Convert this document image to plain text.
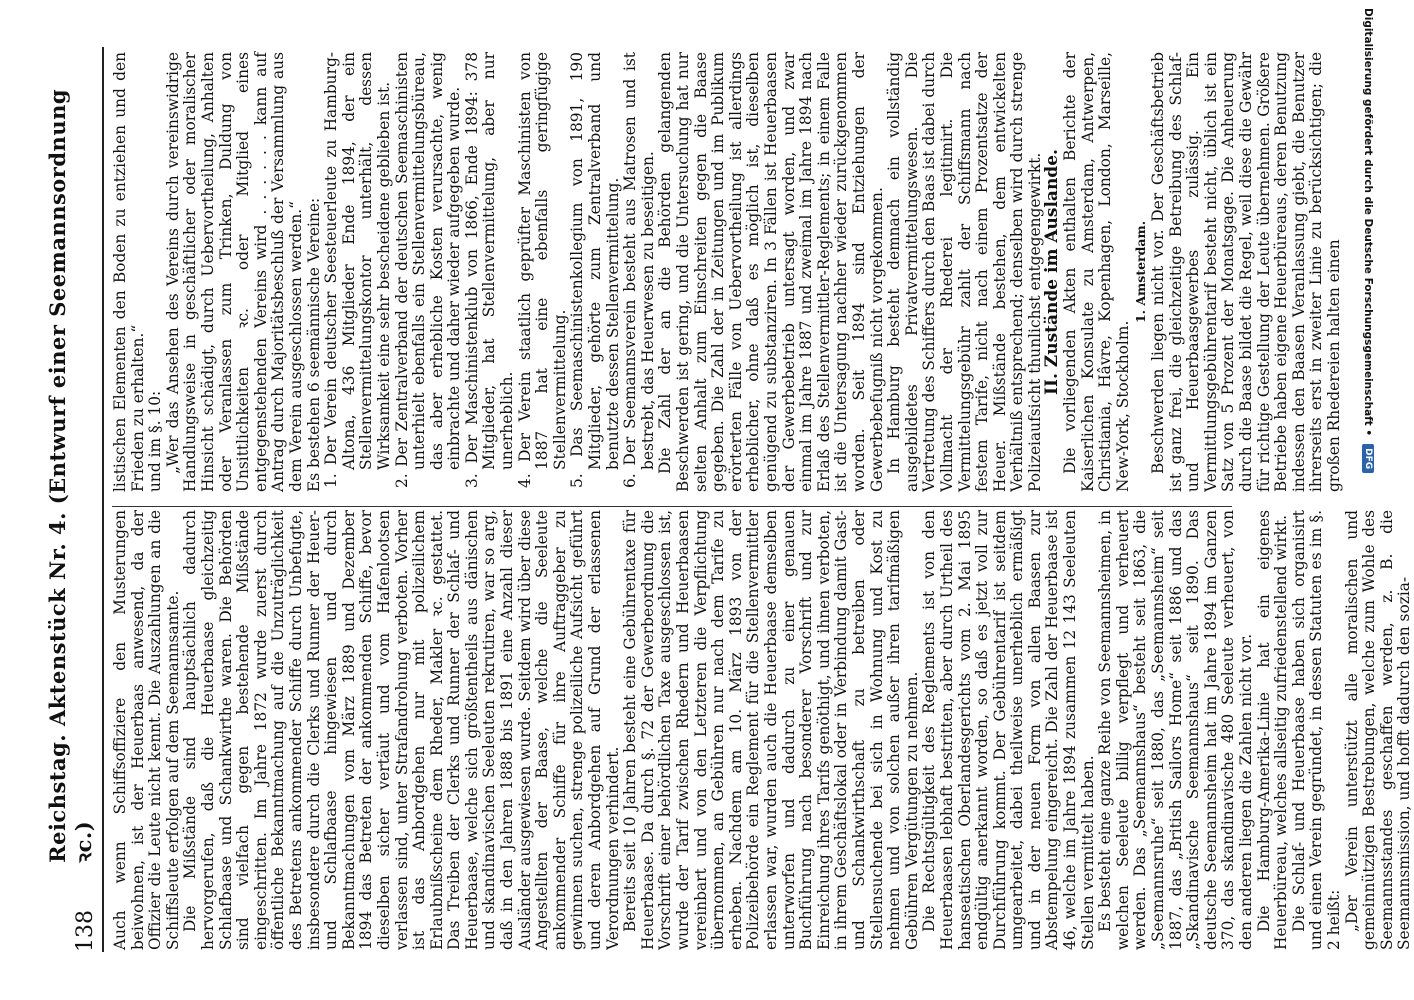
138
Reichstag. Aktenstück Nr. 4. (Entwurf einer Seemannsordnung ꝛc.) Auch wenn Schiffsoffiziere den Musterungen beiwohnen, ist der Heuerbaas anwesend, da der Offizier die Leute nicht kennt. Die Auszahlungen an die Schiffsleute erfolgen auf dem Seemannsamte. Die Mißstände sind hauptsächlich dadurch hervorgerufen, daß die Heuerbaase gleichzeitig Schlafbaase und Schankwirthe waren. Die Behörden sind vielfach gegen bestehende Mißstände eingeschritten. Im Jahre 1872 wurde zuerst durch öffentliche Bekanntmachung auf die Unzuträglichkeit des Betretens ankommender Schiffe durch Unbefugte, insbesondere durch die Clerks und Runner der Heuer- und Schlafbaase hingewiesen und durch Bekanntmachungen vom März 1889 und Dezember 1894 das Betreten der ankommenden Schiffe, bevor dieselben sicher vertäut und vom Hafenlootsen verlassen sind, unter Strafandrohung verboten. Vorher ist das Anbordgehen nur mit polizeilichem Erlaubnißscheine dem Rheder, Makler ꝛc. gestattet. Das Treiben der Clerks und Runner der Schlaf- und Heuerbaase, welche sich größtentheils aus dänischen und skandinavischen Seeleuten rekrutiren, war so arg, daß in den Jahren 1888 bis 1891 eine Anzahl dieser Ausländer ausgewiesen wurde. Seitdem wird über diese Angestellten der Baase, welche die Seeleute ankommender Schiffe für ihre Auftraggeber zu gewinnen suchen, strenge polizeiliche Aufsicht geführt und deren Anbordgehen auf Grund der erlassenen Verordnungen verhindert. Bereits seit 10 Jahren besteht eine Gebührentaxe für Heuerbaase. Da durch §. 72 der Gewerbeordnung die Vorschrift einer behördlichen Taxe ausgeschlossen ist, wurde der Tarif zwischen Rhedern und Heuerbaasen vereinbart und von den Letzteren die Verpflichtung übernommen, an Gebühren nur nach dem Tarife zu erheben. Nachdem am 10. März 1893 von der Polizeibehörde ein Reglement für die Stellenvermittler erlassen war, wurden auch die Heuerbaase demselben unterworfen und dadurch zu einer genauen Buchführung nach besonderer Vorschrift und zur Einreichung ihres Tarifs genöthigt, und ihnen verboten, in ihrem Geschäftslokal oder in Verbindung damit Gast- und Schankwirthschaft zu betreiben oder Stellensuchende bei sich in Wohnung und Kost zu nehmen und von solchen außer ihren tarifmäßigen Gebühren Vergütungen zu nehmen. Die Rechtsgültigkeit des Reglements ist von den Heuerbaasen lebhaft bestritten, aber durch Urtheil des hanseatischen Oberlandesgerichts vom 2. Mai 1895 endgültig anerkannt worden, so daß es jetzt voll zur Durchführung kommt. Der Gebührentarif ist seitdem umgearbeitet, dabei theilweise unerheblich ermäßigt und in der neuen Form von allen Baasen zur Abstempelung eingereicht. Die Zahl der Heuerbaase ist 46, welche im Jahre 1894 zusammen 12 143 Seeleuten Stellen vermittelt haben. Es besteht eine ganze Reihe von Seemannsheimen, in welchen Seeleute billig verpflegt und verheuert werden. Das „Seemannshaus“ besteht seit 1863, die „Seemannsruhe“ seit 1880, das „Seemannsheim“ seit 1887, das „British Sailors Home“ seit 1886 und das „Skandinavische Seemannshaus“ seit 1890. Das deutsche Seemannsheim hat im Jahre 1894 im Ganzen 370, das skandinavische 480 Seeleute verheuert, von den anderen liegen die Zahlen nicht vor. Die Hamburg-Amerika-Linie hat ein eigenes Heuerbüreau, welches allseitig zufriedenstellend wirkt. Die Schlaf- und Heuerbaase haben sich organisirt und einen Verein gegründet, in dessen Statuten es im §. 2 heißt: „Der Verein unterstützt alle moralischen und gemeinnützigen Bestrebungen, welche zum Wohle des Seemannsstandes geschaffen werden, z. B. die Seemannsmission, und hofft dadurch den sozia-

listischen Elementen den Boden zu entziehen und den Frieden zu erhalten.“ und im §. 10: „Wer das Ansehen des Vereins durch vereinswidrige Handlungsweise in geschäftlicher oder moralischer Hinsicht schädigt, durch Uebervortheilung, Anhalten oder Veranlassen zum Trinken, Duldung von Unsittlichkeiten ꝛc. oder Mitglied eines entgegenstehenden Vereins wird . . . . . . kann auf Antrag durch Majoritätsbeschluß der Versammlung aus dem Verein ausgeschlossen werden.“ Es bestehen 6 seemännische Vereine: 1. Der Verein deutscher Seesteuerleute zu Hamburg-Altona, 436 Mitglieder Ende 1894, der ein Stellenvermittelungskontor unterhält, dessen Wirksamkeit eine sehr bescheidene geblieben ist. 2. Der Zentralverband der deutschen Seemaschinisten unterhielt ebenfalls ein Stellenvermittelungsbüreau, das aber erhebliche Kosten verursachte, wenig einbrachte und daher wieder aufgegeben wurde. 3. Der Maschinistenklub von 1866, Ende 1894: 378 Mitglieder, hat Stellenvermittelung, aber nur unerheblich. 4. Der Verein staatlich geprüfter Maschinisten von 1887 hat eine ebenfalls geringfügige Stellenvermittelung. 5. Das Seemaschinistenkollegium von 1891, 190 Mitglieder, gehörte zum Zentralverband und benutzte dessen Stellenvermittelung. 6. Der Seemannsverein besteht aus Matrosen und ist bestrebt, das Heuerwesen zu beseitigen. Die Zahl der an die Behörden gelangenden Beschwerden ist gering, und die Untersuchung hat nur selten Anhalt zum Einschreiten gegen die Baase gegeben. Die Zahl der in Zeitungen und im Publikum erörterten Fälle von Uebervortheilung ist allerdings erheblicher, ohne daß es möglich ist, dieselben genügend zu substanziren. In 3 Fällen ist Heuerbaasen der Gewerbebetrieb untersagt worden, und zwar einmal im Jahre 1887 und zweimal im Jahre 1894 nach Erlaß des Stellenvermittler-Reglements; in einem Falle ist die Untersagung nachher wieder zurückgenommen worden. Seit 1894 sind Entziehungen der Gewerbebefugniß nicht vorgekommen. In Hamburg besteht demnach ein vollständig ausgebildetes Privatvermittelungswesen. Die Vertretung des Schiffers durch den Baas ist dabei durch Vollmacht der Rhederei legitimirt. Die Vermittelungsgebühr zahlt der Schiffsmann nach festem Tarife, nicht nach einem Prozentsatze der Heuer. Mißstände bestehen, dem entwickelten Verhältniß entsprechend; denselben wird durch strenge Polizeiaufsicht thunlichst entgegengewirkt.

II. Zustände im Auslande.

Die vorliegenden Akten enthalten Berichte der Kaiserlichen Konsulate zu Amsterdam, Antwerpen, Christiania, Hâvre, Kopenhagen, London, Marseille, New-York, Stockholm.

1. Amsterdam. Beschwerden liegen nicht vor. Der Geschäftsbetrieb ist ganz frei, die gleichzeitige Betreibung des Schlaf- und Heuerbaasgewerbes zulässig. Ein Vermittlungsgebührentarif besteht nicht, üblich ist ein Satz von 5 Prozent der Monatsgage. Die Anheuerung durch die Baase bildet die Regel, weil diese die Gewähr für richtige Gestellung der Leute übernehmen. Größere Betriebe haben eigene Heuerbüreaus, deren Benutzung indessen den Baasen Veranlassung giebt, die Benutzer ihrerseits erst in zweiter Linie zu berücksichtigen; die großen Rhedereien halten einen Digitalisierung gefördert durch die Deutsche Forschungsgemeinschaft •
DFG
